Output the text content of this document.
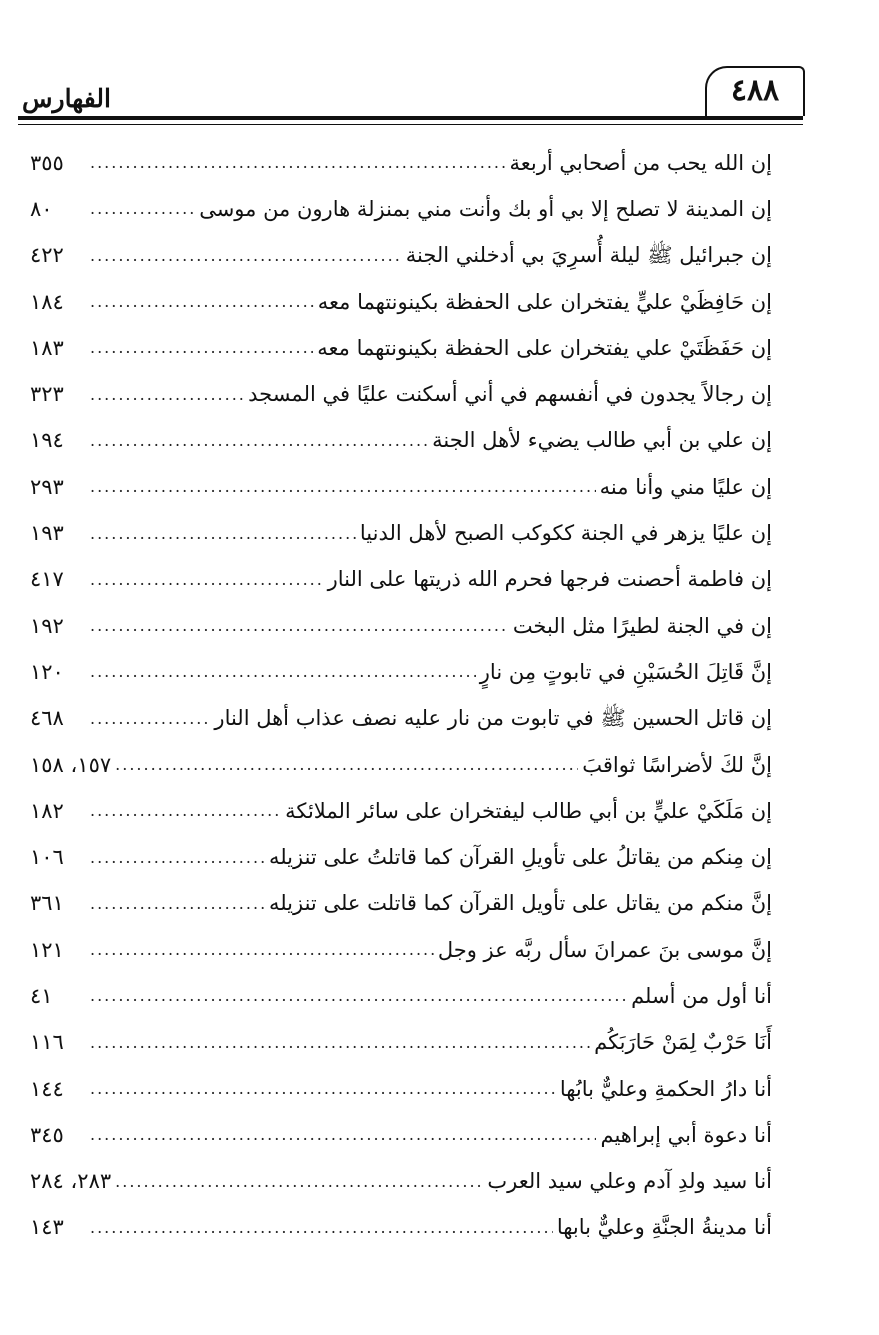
الفهارس	٤٨٨
إن الله يحب من أصحابي أربعة
.....
٣٥٥
إن المدينة لا تصلح إلا بي أو بك وأنت مني بمنزلة هارون من موسى
.....
٨٠
إن جبرائيل ﷺ ليلة أُسرِيَ بي أدخلني الجنة
.....
٤٢٢
إن حَافِظَيْ عليٍّ يفتخران على الحفظة بكينونتهما معه
.....
١٨٤
إن حَفَظَتَيْ علي يفتخران على الحفظة بكينونتهما معه
.....
١٨٣
إن رجالاً يجدون في أنفسهم في أني أسكنت عليًا في المسجد
.....
٣٢٣
إن علي بن أبي طالب يضيء لأهل الجنة
.....
١٩٤
إن عليًا مني وأنا منه
.....
٢٩٣
إن عليًا يزهر في الجنة ككوكب الصبح لأهل الدنيا
.....
١٩٣
إن فاطمة أحصنت فرجها فحرم الله ذريتها على النار
.....
٤١٧
إن في الجنة لطيرًا مثل البخت
.....
١٩٢
إنَّ قَاتِلَ الحُسَيْنِ في تابوتٍ مِن نارٍ
.....
١٢٠
إن قاتل الحسين ﷺ في تابوت من نار عليه نصف عذاب أهل النار
.....
٤٦٨
إنَّ لكَ لأضراسًا ثواقبَ
.....
١٥٧، ١٥٨
إن مَلَكَيْ عليٍّ بن أبي طالب ليفتخران على سائر الملائكة
.....
١٨٢
إن مِنكم من يقاتلُ على تأويلِ القرآن كما قاتلتُ على تنزيله
.....
١٠٦
إنَّ منكم من يقاتل على تأويل القرآن كما قاتلت على تنزيله
.....
٣٦١
إنَّ موسى بنَ عمرانَ سأل ربَّه عز وجل
.....
١٢١
أنا أول من أسلم
.....
٤١
أَنَا حَرْبٌ لِمَنْ حَارَبَكُم
.....
١١٦
أنا دارُ الحكمةِ وعليٌّ بابُها
.....
١٤٤
أنا دعوة أبي إبراهيم
.....
٣٤٥
أنا سيد ولدِ آدم وعلي سيد العرب
.....
٢٨٣، ٢٨٤
أنا مدينةُ الجنَّةِ وعليٌّ بابها
.....
١٤٣
